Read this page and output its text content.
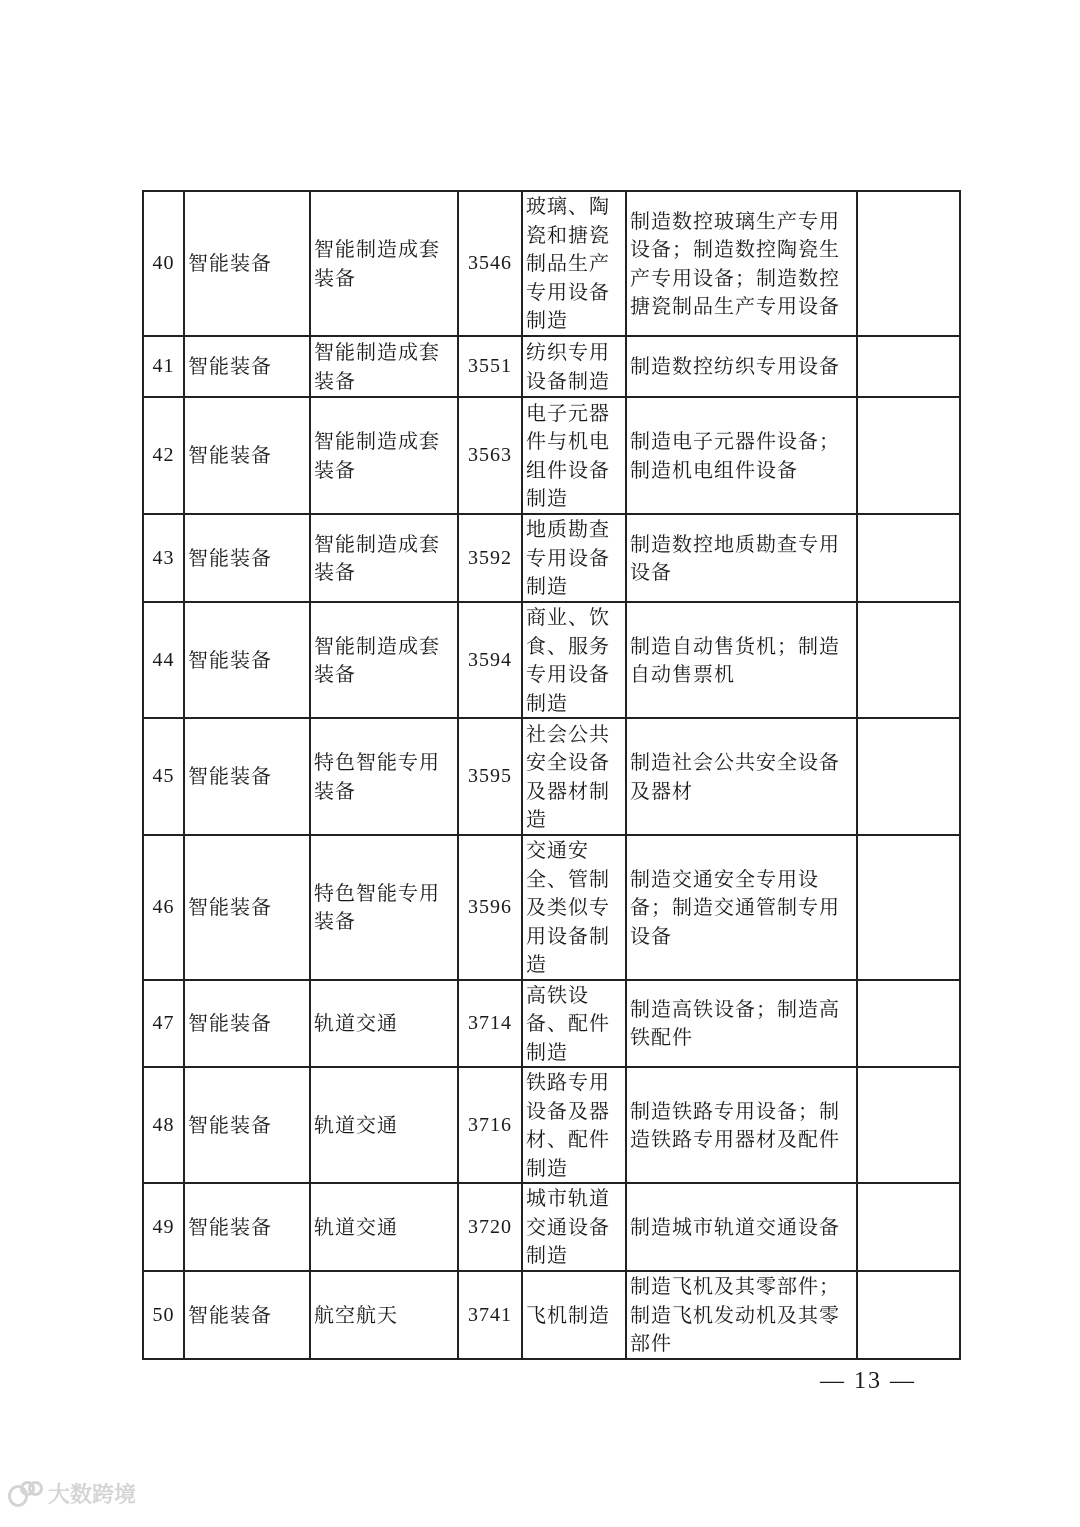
40	智能装备	智能制造成套装备	3546	玻璃、陶瓷和搪瓷制品生产专用设备制造	制造数控玻璃生产专用设备；制造数控陶瓷生产专用设备；制造数控搪瓷制品生产专用设备	
41	智能装备	智能制造成套装备	3551	纺织专用设备制造	制造数控纺织专用设备	
42	智能装备	智能制造成套装备	3563	电子元器件与机电组件设备制造	制造电子元器件设备；制造机电组件设备	
43	智能装备	智能制造成套装备	3592	地质勘查专用设备制造	制造数控地质勘查专用设备	
44	智能装备	智能制造成套装备	3594	商业、饮食、服务专用设备制造	制造自动售货机；制造自动售票机	
45	智能装备	特色智能专用装备	3595	社会公共安全设备及器材制造	制造社会公共安全设备及器材	
46	智能装备	特色智能专用装备	3596	交通安全、管制及类似专用设备制造	制造交通安全专用设备；制造交通管制专用设备	
47	智能装备	轨道交通	3714	高铁设备、配件制造	制造高铁设备；制造高铁配件	
48	智能装备	轨道交通	3716	铁路专用设备及器材、配件制造	制造铁路专用设备；制造铁路专用器材及配件	
49	智能装备	轨道交通	3720	城市轨道交通设备制造	制造城市轨道交通设备	
50	智能装备	航空航天	3741	飞机制造	制造飞机及其零部件；制造飞机发动机及其零部件	
— 13 —
大数跨境
